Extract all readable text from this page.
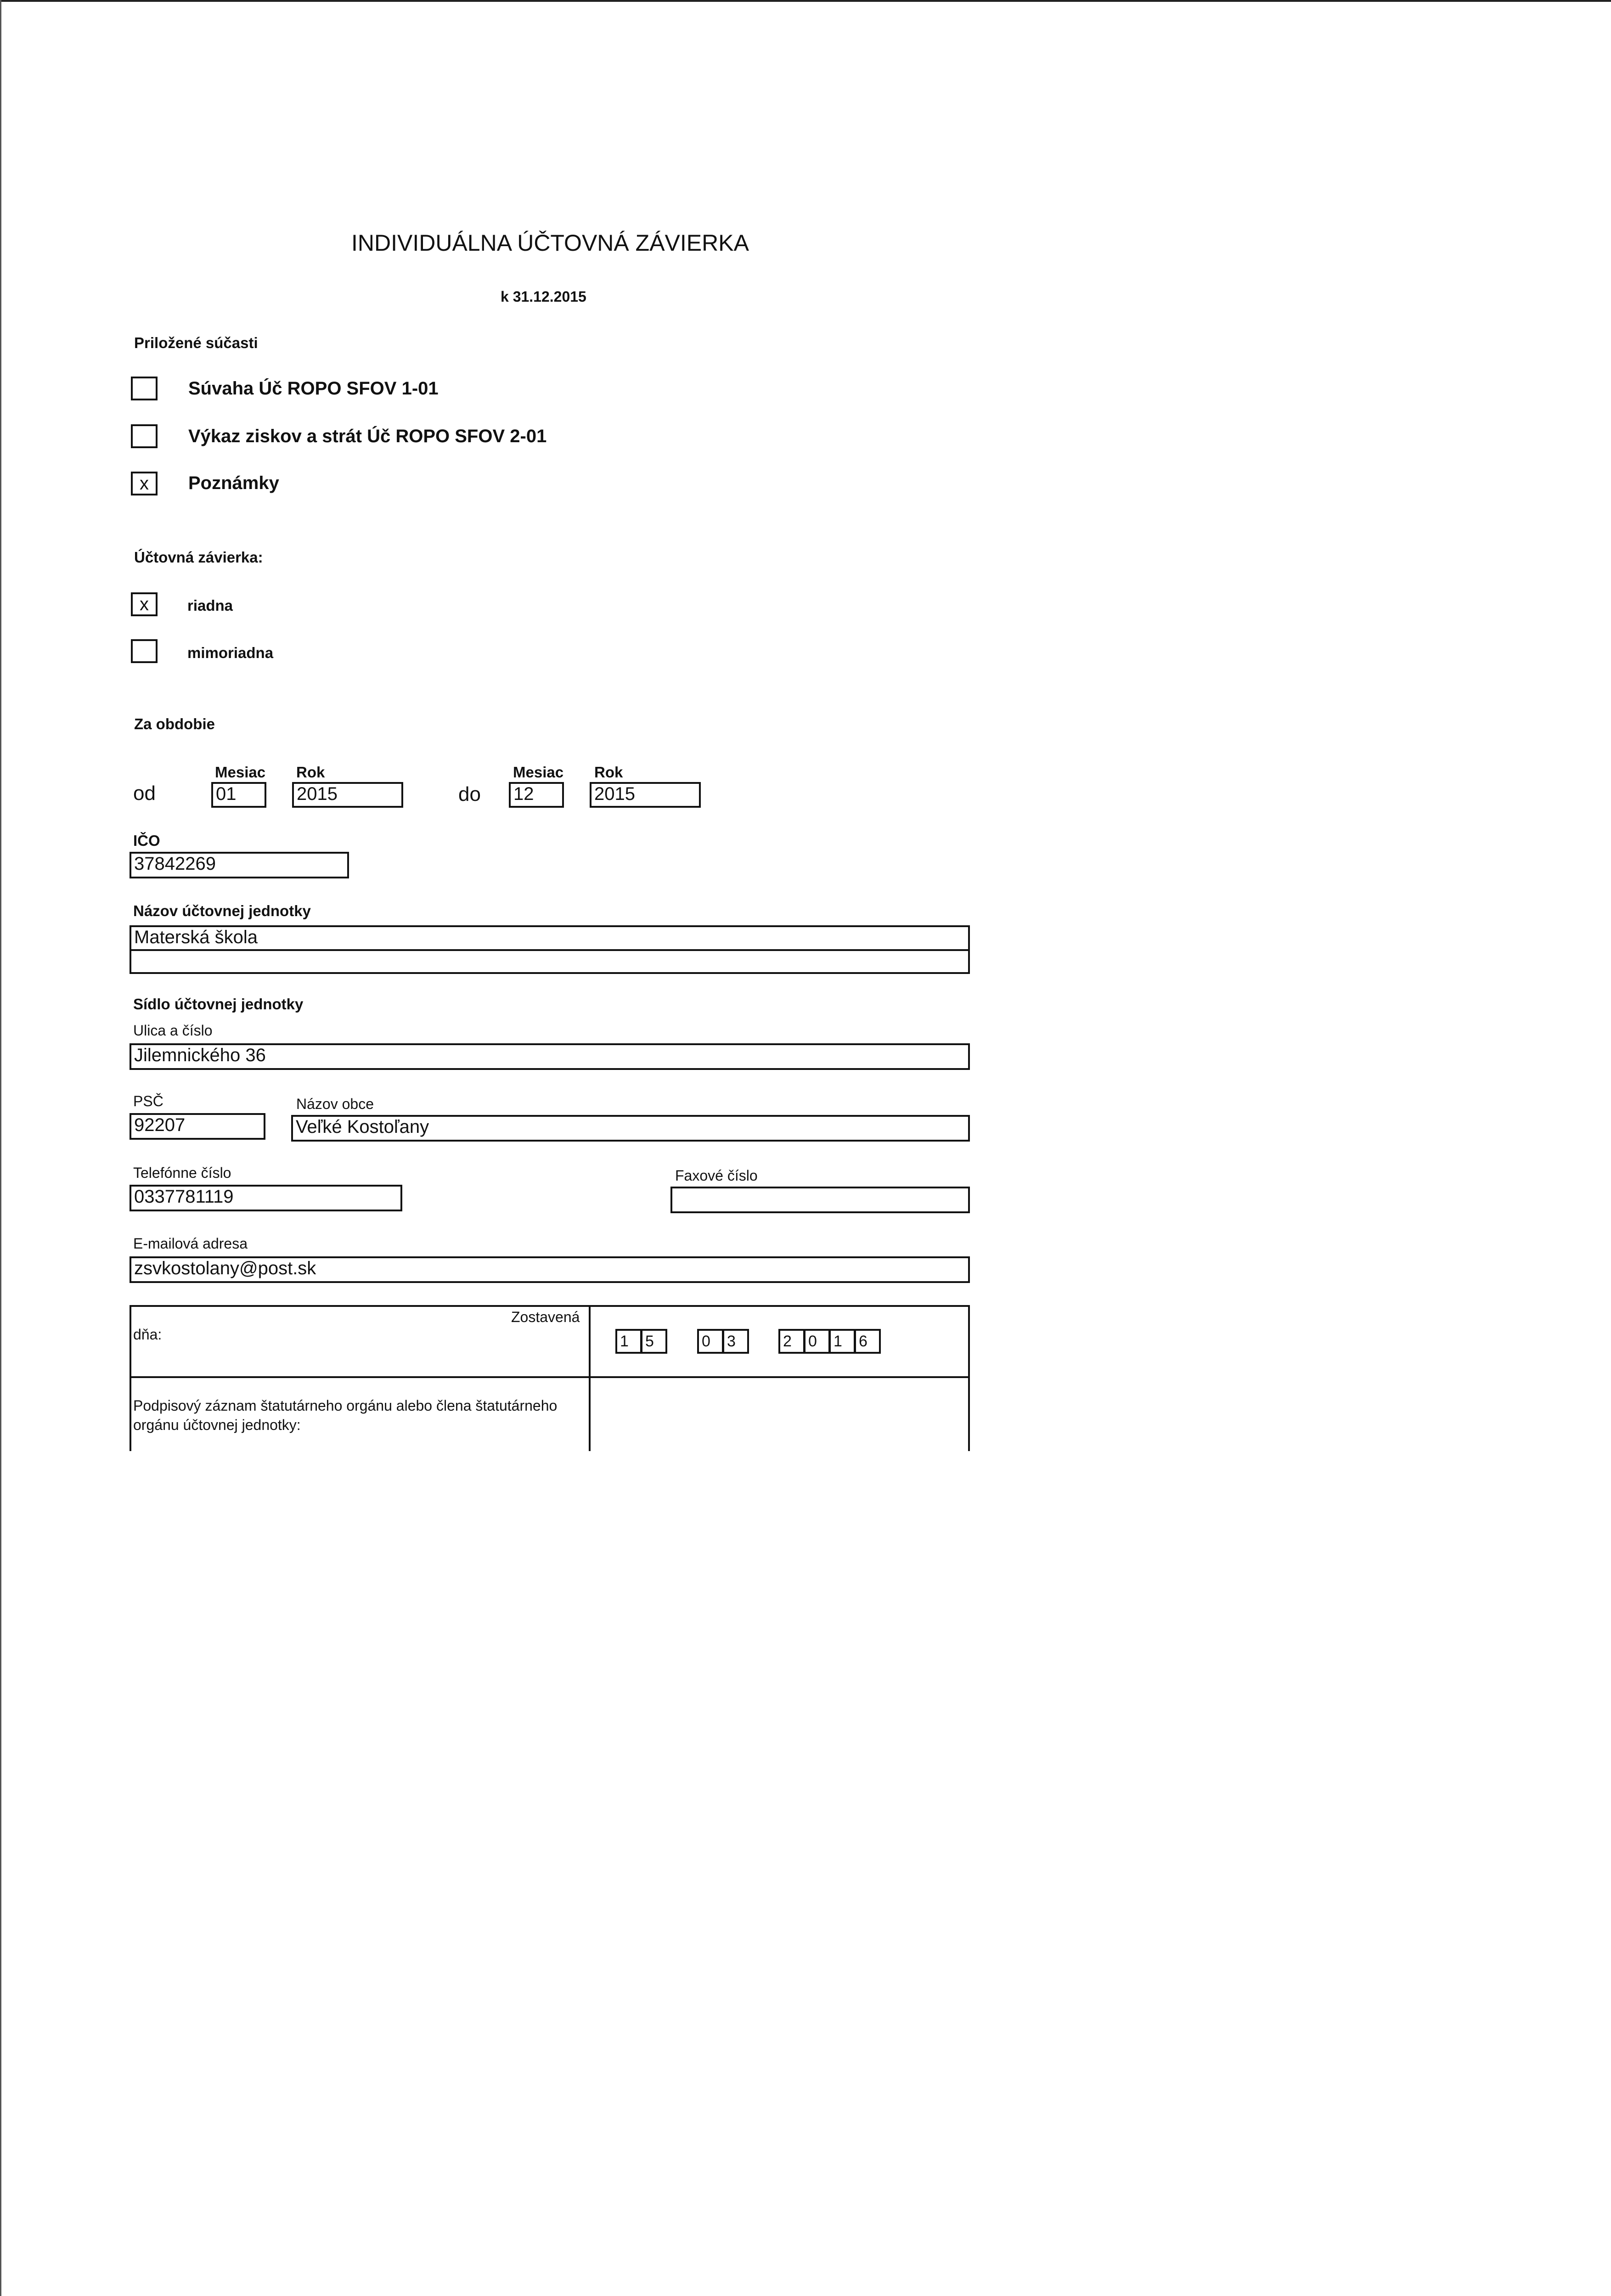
INDIVIDUÁLNA ÚČTOVNÁ ZÁVIERKA
k 31.12.2015
Priložené súčasti
Súvaha Úč ROPO SFOV 1-01
Výkaz ziskov a strát Úč ROPO SFOV 2-01
x	Poznámky
Účtovná závierka:
x	riadna
mimoriadna
Za obdobie
Mesiac Rok
od	01	2015
Mesiac Rok
do 12	2015
IČO
37842269
Názov účtovnej jednotky
Materská škola
Sídlo účtovnej jednotky
Ulica a číslo
Jilemnického 36
PSČ
92207
Názov obce
Veľké Kostoľany
Telefónne číslo
0337781119
Faxové číslo
E-mailová adresa
zsvkostolany@post.sk
Zostavená
dňa:	1	5	0	3	2	0	1	6
Podpisový záznam štatutárneho orgánu alebo člena štatutárneho orgánu účtovnej jednotky:
